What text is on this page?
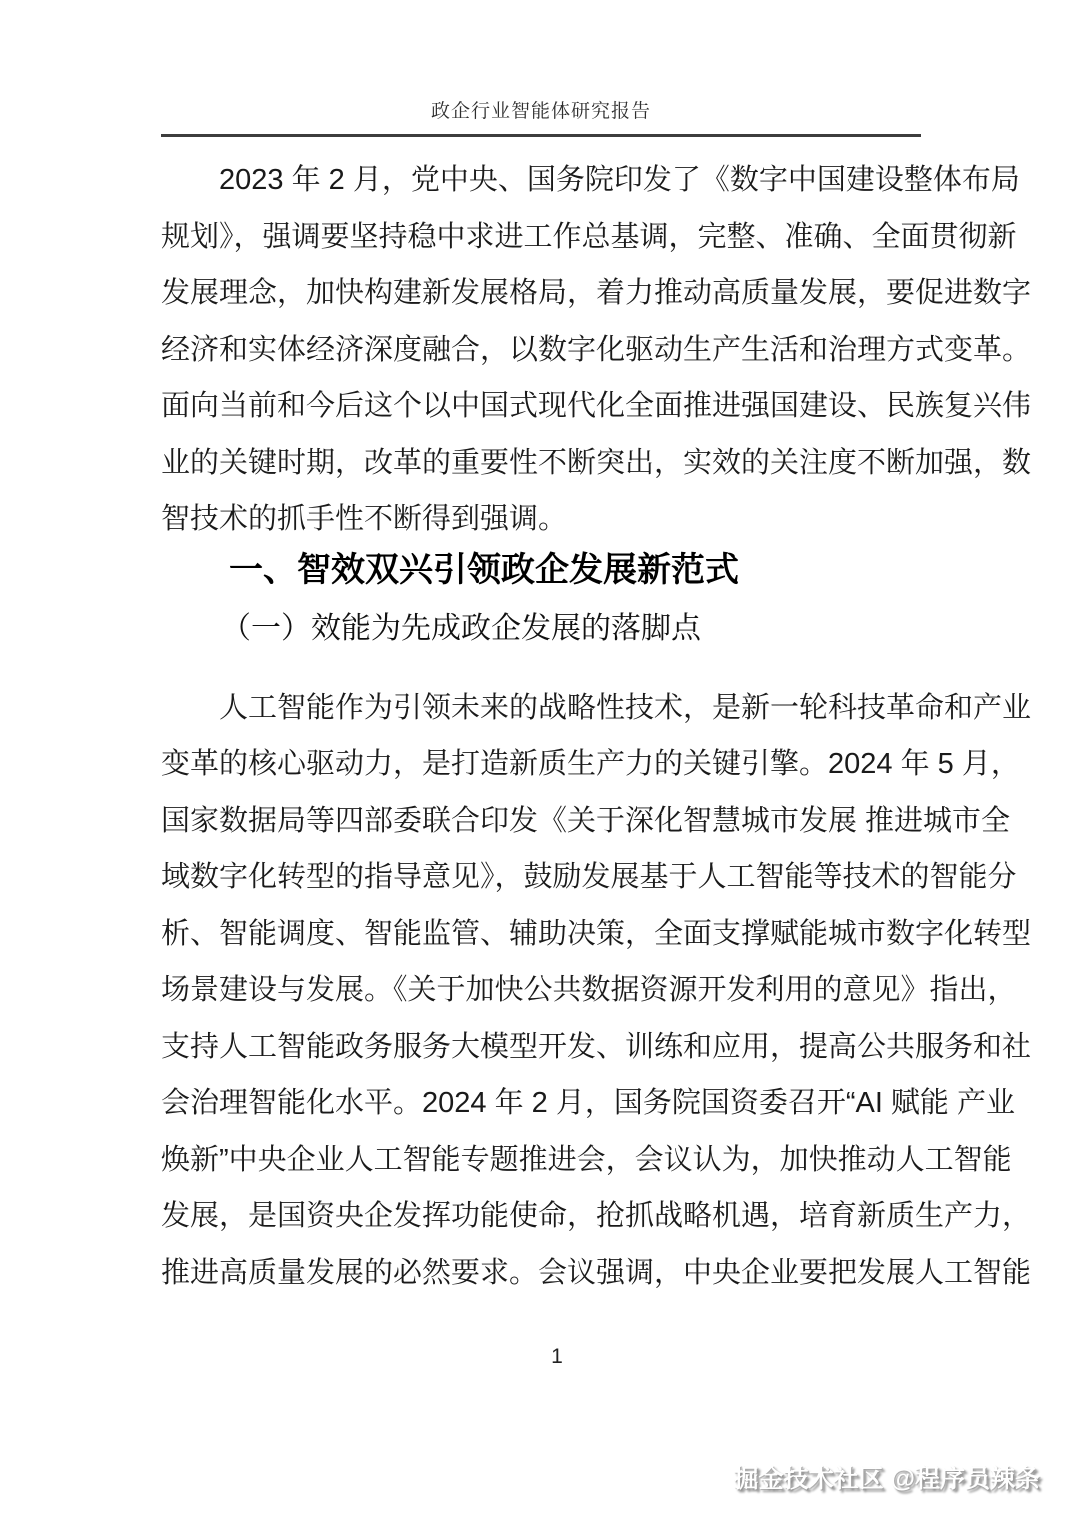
政企行业智能体研究报告
2023 年 2 月，党中央、国务院印发了《数字中国建设整体布局
规划》，强调要坚持稳中求进工作总基调，完整、准确、全面贯彻新
发展理念，加快构建新发展格局，着力推动高质量发展，要促进数字
经济和实体经济深度融合，以数字化驱动生产生活和治理方式变革。
面向当前和今后这个以中国式现代化全面推进强国建设、民族复兴伟
业的关键时期，改革的重要性不断突出，实效的关注度不断加强，数
智技术的抓手性不断得到强调。
一、智效双兴引领政企发展新范式
（一）效能为先成政企发展的落脚点
人工智能作为引领未来的战略性技术，是新一轮科技革命和产业
变革的核心驱动力，是打造新质生产力的关键引擎。2024 年 5 月，
国家数据局等四部委联合印发《关于深化智慧城市发展 推进城市全
域数字化转型的指导意见》，鼓励发展基于人工智能等技术的智能分
析、智能调度、智能监管、辅助决策，全面支撑赋能城市数字化转型
场景建设与发展。《关于加快公共数据资源开发利用的意见》指出，
支持人工智能政务服务大模型开发、训练和应用，提高公共服务和社
会治理智能化水平。2024 年 2 月，国务院国资委召开“AI 赋能 产业
焕新”中央企业人工智能专题推进会，会议认为，加快推动人工智能
发展，是国资央企发挥功能使命，抢抓战略机遇，培育新质生产力，
推进高质量发展的必然要求。会议强调，中央企业要把发展人工智能
1
掘金技术社区 @程序员辣条
